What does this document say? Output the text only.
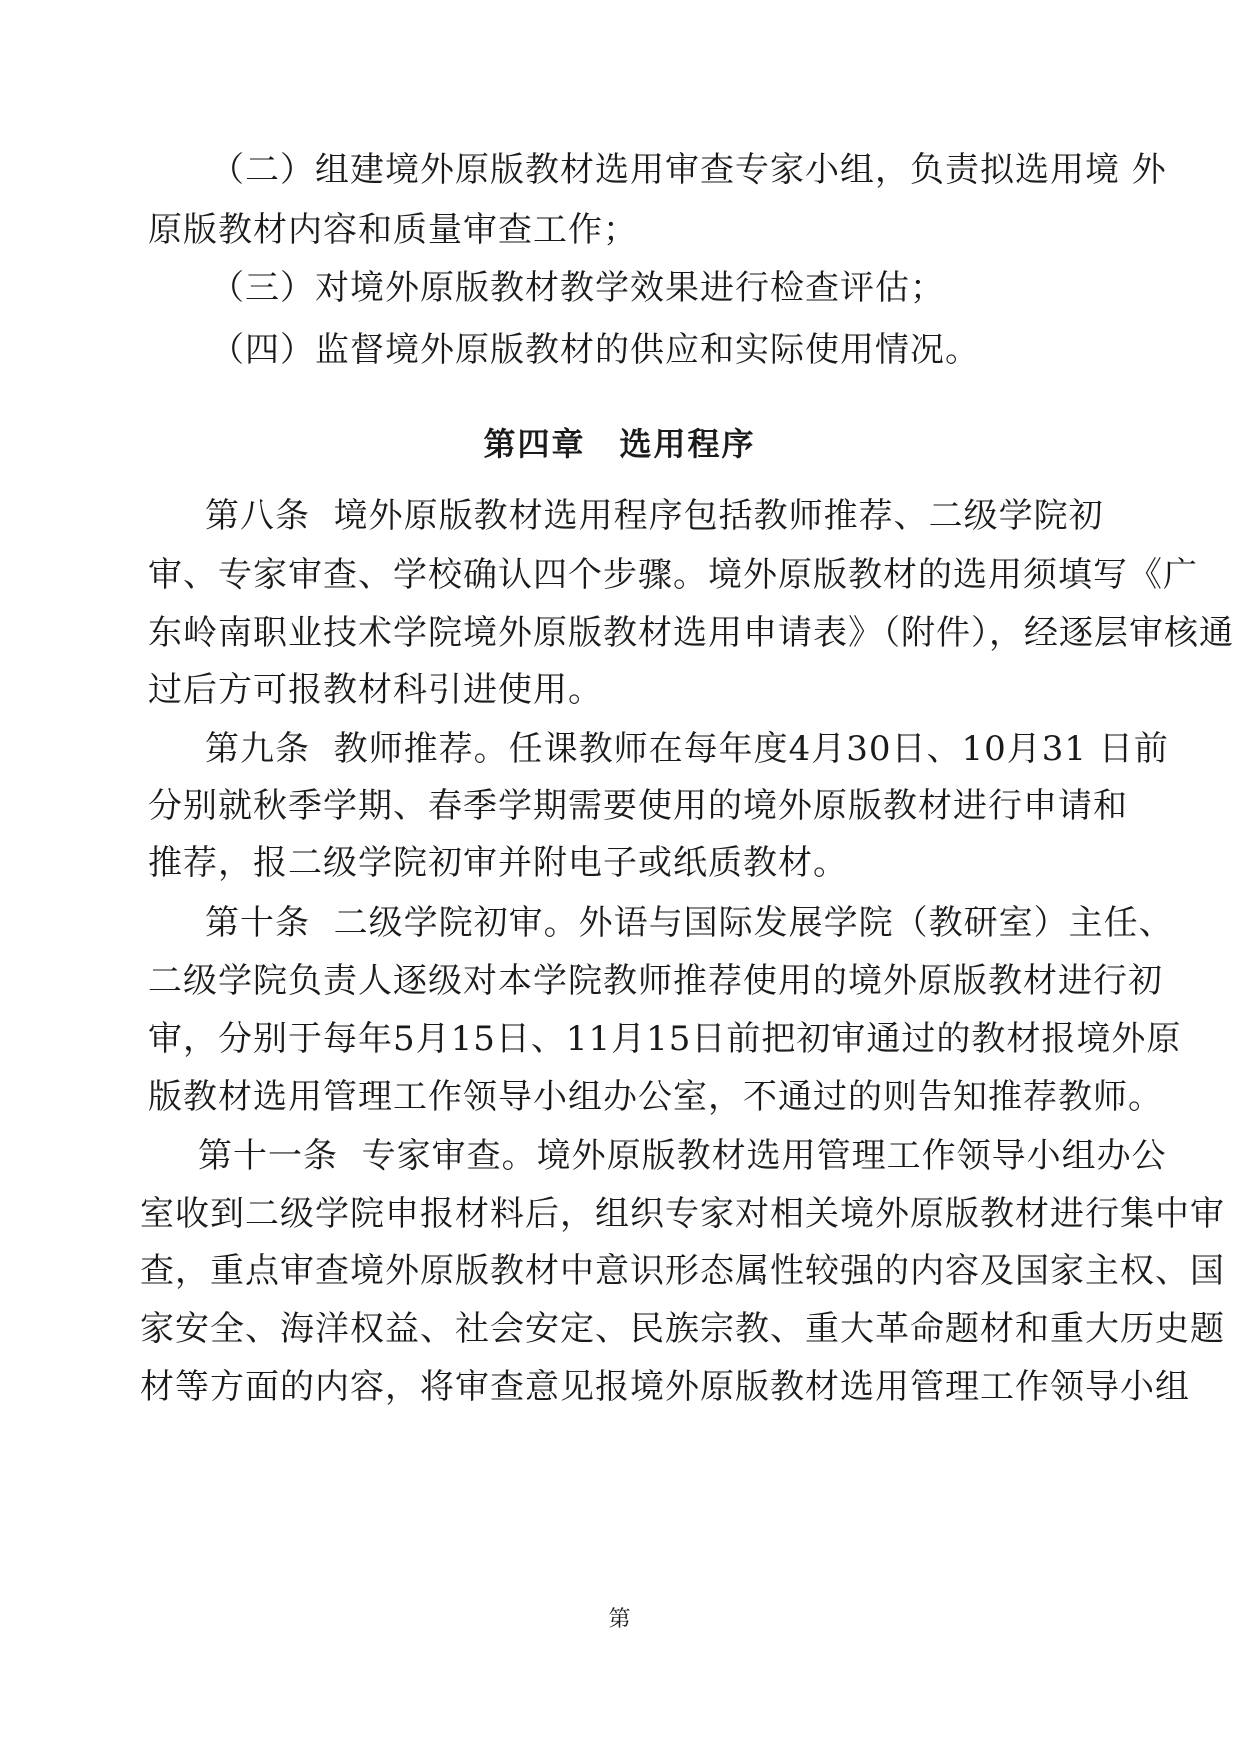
（二）组建境外原版教材选用审查专家小组，负责拟选用境 外
原版教材内容和质量审查工作；
（三）对境外原版教材教学效果进行检查评估；
（四）监督境外原版教材的供应和实际使用情况。
第四章　选用程序
第八条  境外原版教材选用程序包括教师推荐、二级学院初
审、专家审查、学校确认四个步骤。境外原版教材的选用须填写《广
东岭南职业技术学院境外原版教材选用申请表》（附件），经逐层审核通
过后方可报教材科引进使用。
第九条  教师推荐。任课教师在每年度4月30日、10月31 日前
分别就秋季学期、春季学期需要使用的境外原版教材进行申请和
推荐，报二级学院初审并附电子或纸质教材。
第十条  二级学院初审。外语与国际发展学院（教研室）主任、
二级学院负责人逐级对本学院教师推荐使用的境外原版教材进行初
审，分别于每年5月15日、11月15日前把初审通过的教材报境外原
版教材选用管理工作领导小组办公室，不通过的则告知推荐教师。
第十一条  专家审查。境外原版教材选用管理工作领导小组办公
室收到二级学院申报材料后，组织专家对相关境外原版教材进行集中审
查，重点审查境外原版教材中意识形态属性较强的内容及国家主权、国
家安全、海洋权益、社会安定、民族宗教、重大革命题材和重大历史题
材等方面的内容，将审查意见报境外原版教材选用管理工作领导小组
第
